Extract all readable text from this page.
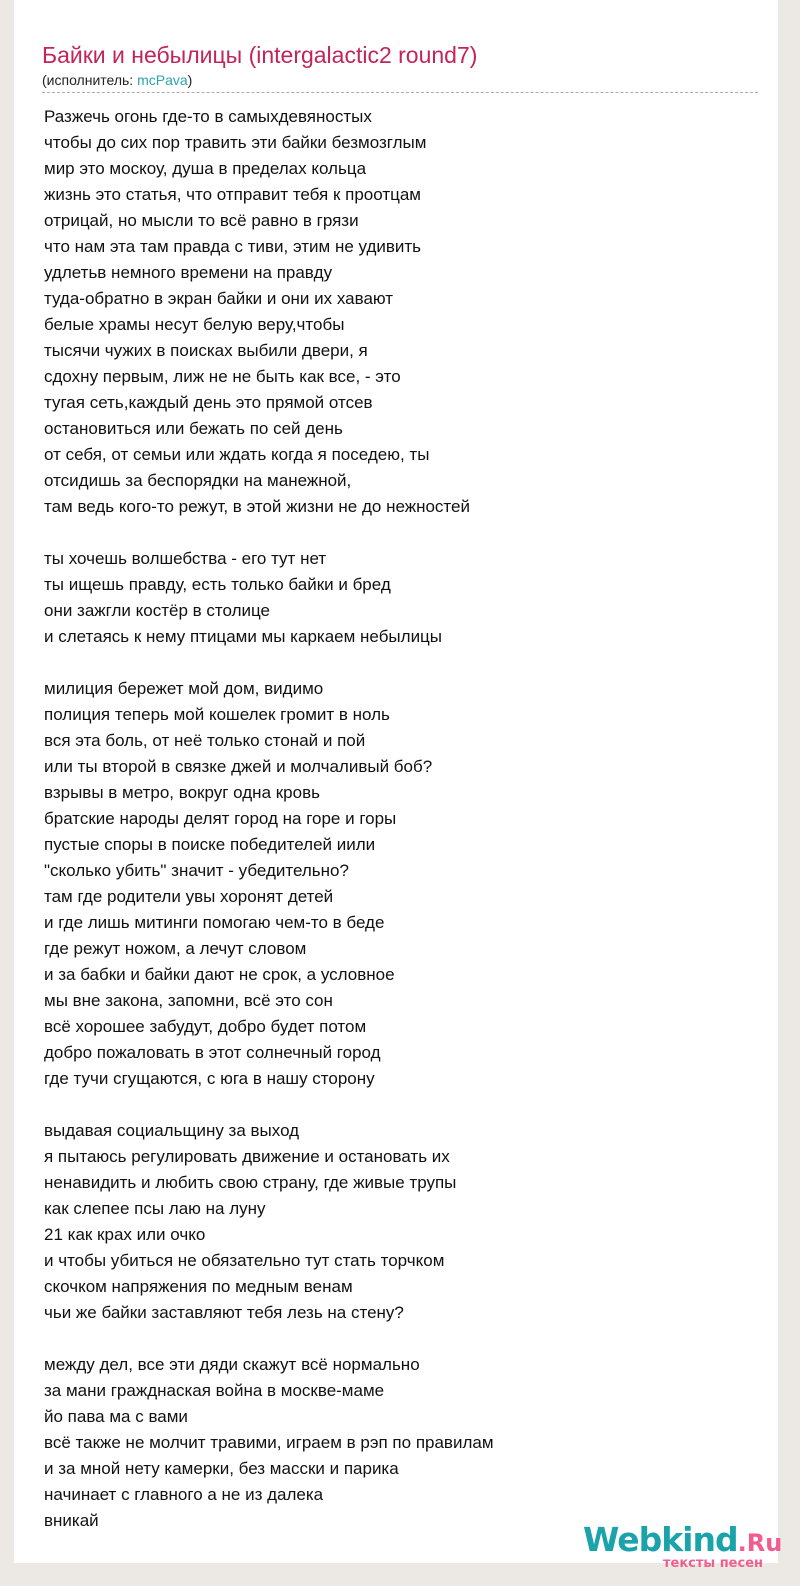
Байки и небылицы (intergalactic2 round7)
(исполнитель: mcPava)
Разжечь огонь где-то в самыхдевяностых
чтобы до сих пор травить эти байки безмозглым
мир это москоу, душа в пределах кольца
жизнь это статья, что отправит тебя к проотцам
отрицай, но мысли то всё равно в грязи
что нам эта там правда с тиви, этим не удивить
удлетьв немного времени на правду
туда-обратно в экран байки и они их хавают
белые храмы несут белую веру,чтобы
тысячи чужих в поисках выбили двери, я
сдохну первым, лиж не не быть как все, - это
тугая сеть,каждый день это прямой отсев
остановиться или бежать по сей день
от себя, от семьи или ждать когда я поседею, ты
отсидишь за беспорядки на манежной,
там ведь кого-то режут, в этой жизни не до нежностей

ты хочешь волшебства - его тут нет
ты ищешь правду, есть только байки и бред
они зажгли костёр в столице
и слетаясь к нему птицами мы каркаем небылицы

милиция бережет мой дом, видимо
полиция теперь мой кошелек громит в ноль
вся эта боль, от неё только стонай и пой
или ты второй в связке джей и молчаливый боб?
взрывы в метро, вокруг одна кровь
братские народы делят город на горе и горы
пустые споры в поиске победителей иили
"сколько убить" значит - убедительно?
там где родители увы хоронят детей
и где лишь митинги помогаю чем-то в беде
где режут ножом, а лечут словом
и за бабки и байки дают не срок, а условное
мы вне закона, запомни, всё это сон
всё хорошее забудут, добро будет потом
добро пожаловать в этот солнечный город
где тучи сгущаются, с юга в нашу сторону

выдавая социальщину за выход
я пытаюсь регулировать движение и остановать их
ненавидить и любить свою страну, где живые трупы
как слепее псы лаю на луну
21 как крах или очко
и чтобы убиться не обязательно тут стать торчком
скочком напряжения по медным венам
чьи же байки заставляют тебя лезь на стену?

между дел, все эти дяди скажут всё нормально
за мани гражднаская война в москве-маме
йо пава ма с вами
всё также не молчит травими, играем в рэп по правилам
и за мной нету камерки, без масски и парика
начинает с главного а не из далека
вникай	Webkind.Ru
тексты песен
